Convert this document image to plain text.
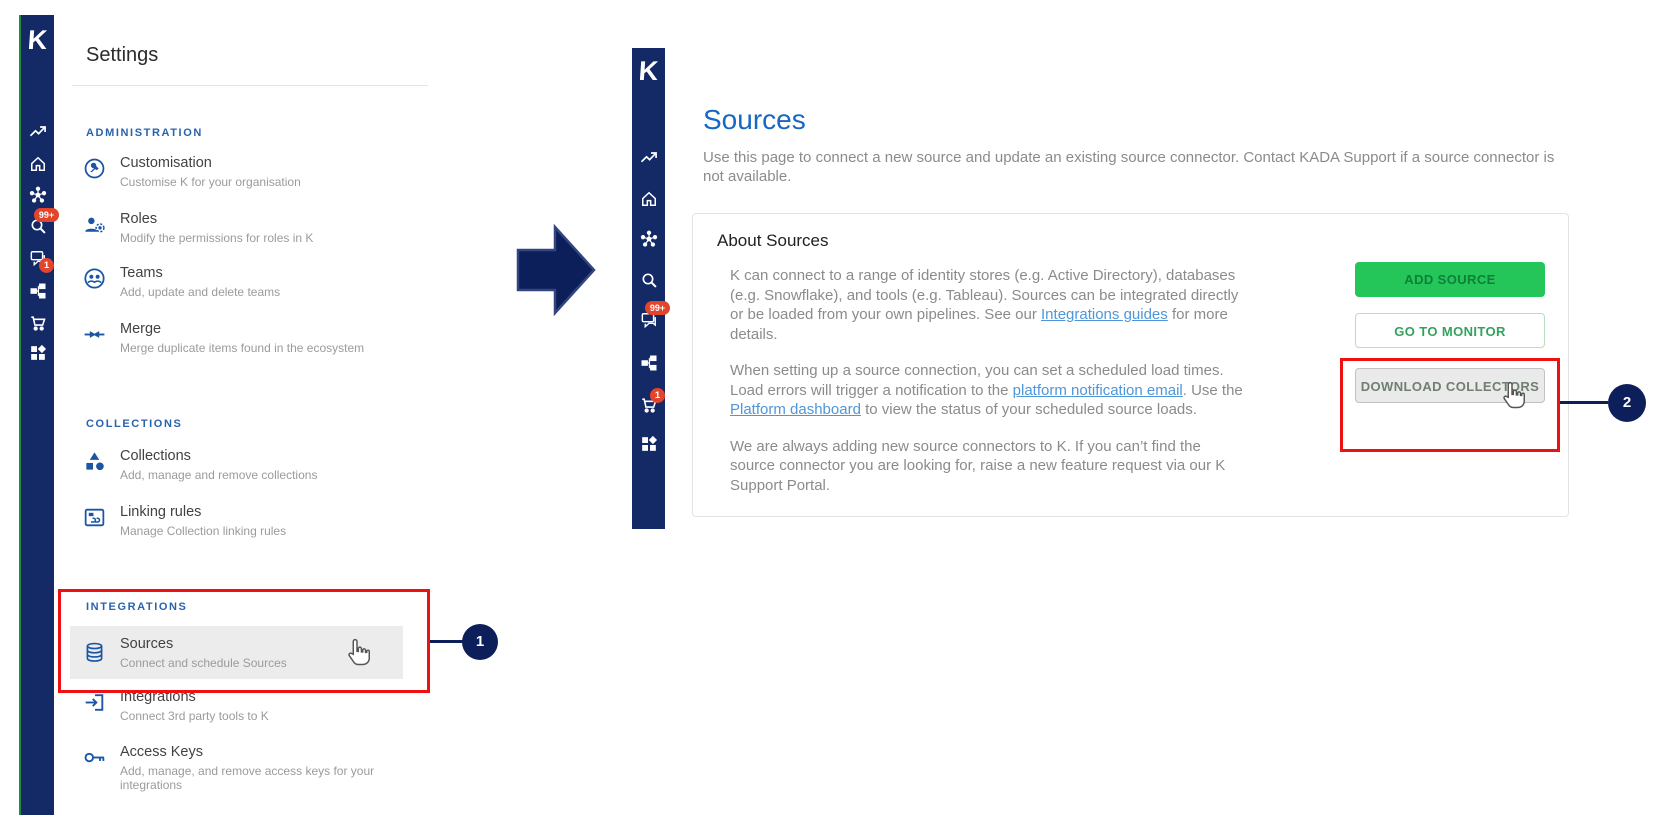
K
99+
1
Settings
ADMINISTRATION
Customisation
Customise K for your organisation
Roles
Modify the permissions for roles in K
Teams
Add, update and delete teams
Merge
Merge duplicate items found in the ecosystem
COLLECTIONS
Collections
Add, manage and remove collections
Linking rules
Manage Collection linking rules
INTEGRATIONS
Sources
Connect and schedule Sources
Integrations
Connect 3rd party tools to K
Access Keys
Add, manage, and remove access keys for your integrations
1
K
99+
1
Sources
Use this page to connect a new source and update an existing source connector. Contact KADA Support if a source connector is not available.
About Sources

K can connect to a range of identity stores (e.g. Active Directory), databases (e.g. Snowflake), and tools (e.g. Tableau). Sources can be integrated directly or be loaded from your own pipelines. See our Integrations guides for more details.

When setting up a source connection, you can set a scheduled load times. Load errors will trigger a notification to the platform notification email. Use the Platform dashboard to view the status of your scheduled source loads.

We are always adding new source connectors to K. If you can’t find the source connector you are looking for, raise a new feature request via our K Support Portal.

ADD SOURCE
GO TO MONITOR
DOWNLOAD COLLECTORS
2
